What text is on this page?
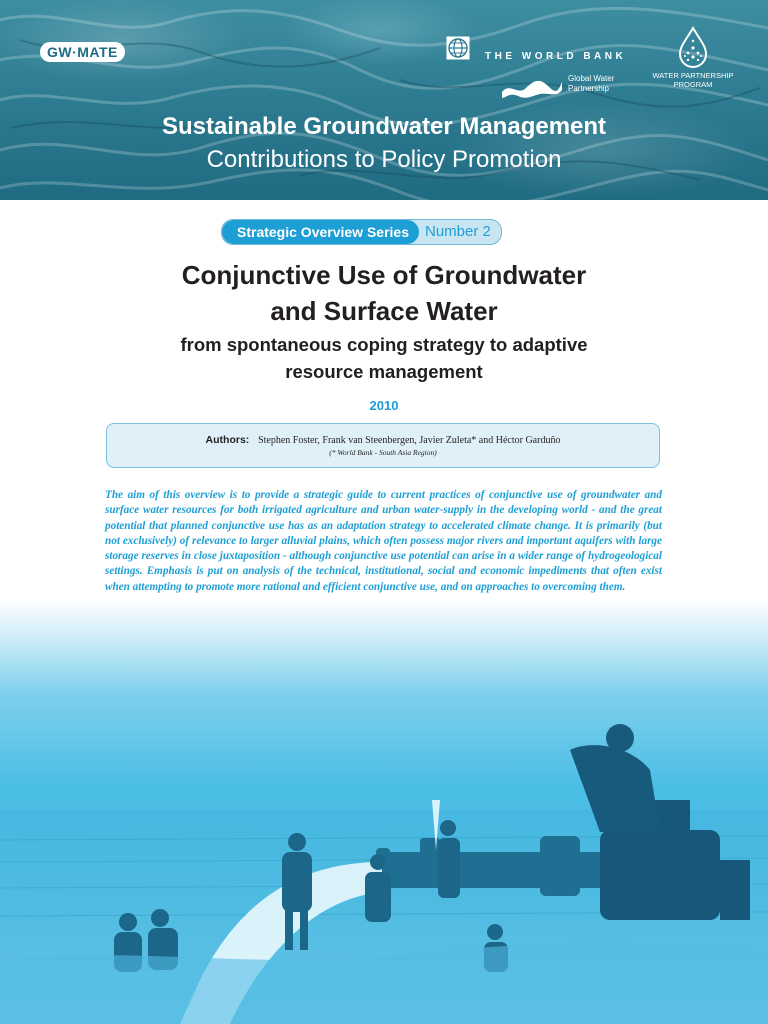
GW·MATE	THE WORLD BANK
Global Water Partnership
WATER PARTNERSHIP PROGRAM
Sustainable Groundwater Management
Contributions to Policy Promotion
Strategic Overview Series	Number 2
Conjunctive Use of Groundwater
and Surface Water
from spontaneous coping strategy to adaptive
resource management
2010
Authors: Stephen Foster, Frank van Steenbergen, Javier Zuleta* and Héctor Garduño
(* World Bank - South Asia Region)

The aim of this overview is to provide a strategic guide to current practices of conjunctive use of groundwater and surface water resources for both irrigated agriculture and urban water-supply in the developing world - and the great potential that planned conjunctive use has as an adaptation strategy to accelerated climate change. It is primarily (but not exclusively) of relevance to larger alluvial plains, which often possess major rivers and important aquifers with large storage reserves in close juxtaposition - although conjunctive use potential can arise in a wider range of hydrogeological settings. Emphasis is put on analysis of the technical, institutional, social and economic impediments that often exist when attempting to promote more rational and efficient conjunctive use, and on approaches to overcoming them.
